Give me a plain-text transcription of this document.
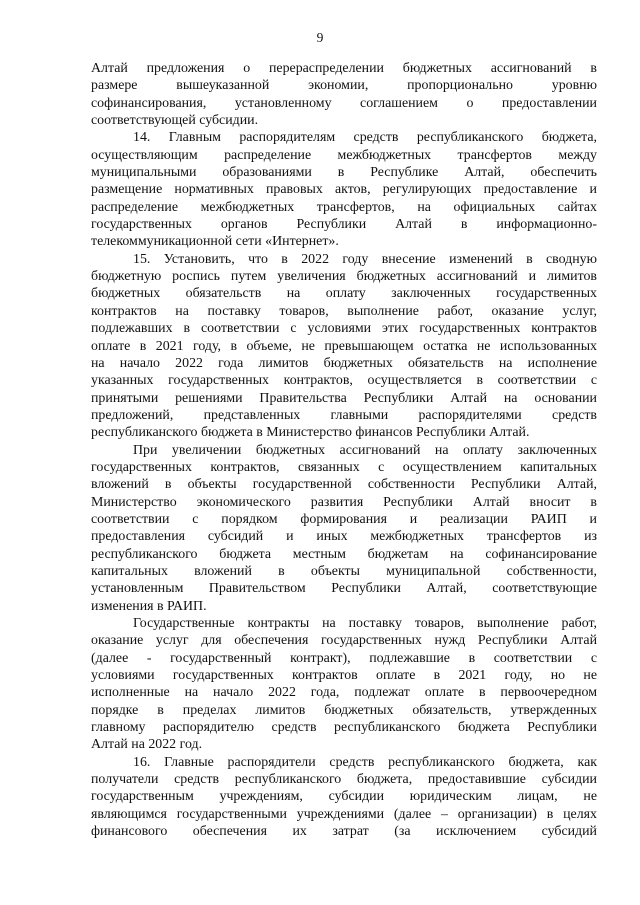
9
Алтай предложения о перераспределении бюджетных ассигнований в
размере вышеуказанной экономии, пропорционально уровню
софинансирования, установленному соглашением о предоставлении
соответствующей субсидии.
14. Главным распорядителям средств республиканского бюджета,
осуществляющим распределение межбюджетных трансфертов между
муниципальными образованиями в Республике Алтай, обеспечить
размещение нормативных правовых актов, регулирующих предоставление и
распределение межбюджетных трансфертов, на официальных сайтах
государственных органов Республики Алтай в информационно-
телекоммуникационной сети «Интернет».
15. Установить, что в 2022 году внесение изменений в сводную
бюджетную роспись путем увеличения бюджетных ассигнований и лимитов
бюджетных обязательств на оплату заключенных государственных
контрактов на поставку товаров, выполнение работ, оказание услуг,
подлежавших в соответствии с условиями этих государственных контрактов
оплате в 2021 году, в объеме, не превышающем остатка не использованных
на начало 2022 года лимитов бюджетных обязательств на исполнение
указанных государственных контрактов, осуществляется в соответствии с
принятыми решениями Правительства Республики Алтай на основании
предложений, представленных главными распорядителями средств
республиканского бюджета в Министерство финансов Республики Алтай.
При увеличении бюджетных ассигнований на оплату заключенных
государственных контрактов, связанных с осуществлением капитальных
вложений в объекты государственной собственности Республики Алтай,
Министерство экономического развития Республики Алтай вносит в
соответствии с порядком формирования и реализации РАИП и
предоставления субсидий и иных межбюджетных трансфертов из
республиканского бюджета местным бюджетам на софинансирование
капитальных вложений в объекты муниципальной собственности,
установленным Правительством Республики Алтай, соответствующие
изменения в РАИП.
Государственные контракты на поставку товаров, выполнение работ,
оказание услуг для обеспечения государственных нужд Республики Алтай
(далее - государственный контракт), подлежавшие в соответствии с
условиями государственных контрактов оплате в 2021 году, но не
исполненные на начало 2022 года, подлежат оплате в первоочередном
порядке в пределах лимитов бюджетных обязательств, утвержденных
главному распорядителю средств республиканского бюджета Республики
Алтай на 2022 год.
16. Главные распорядители средств республиканского бюджета, как
получатели средств республиканского бюджета, предоставившие субсидии
государственным учреждениям, субсидии юридическим лицам, не
являющимся государственными учреждениями (далее – организации) в целях
финансового обеспечения их затрат (за исключением субсидий
